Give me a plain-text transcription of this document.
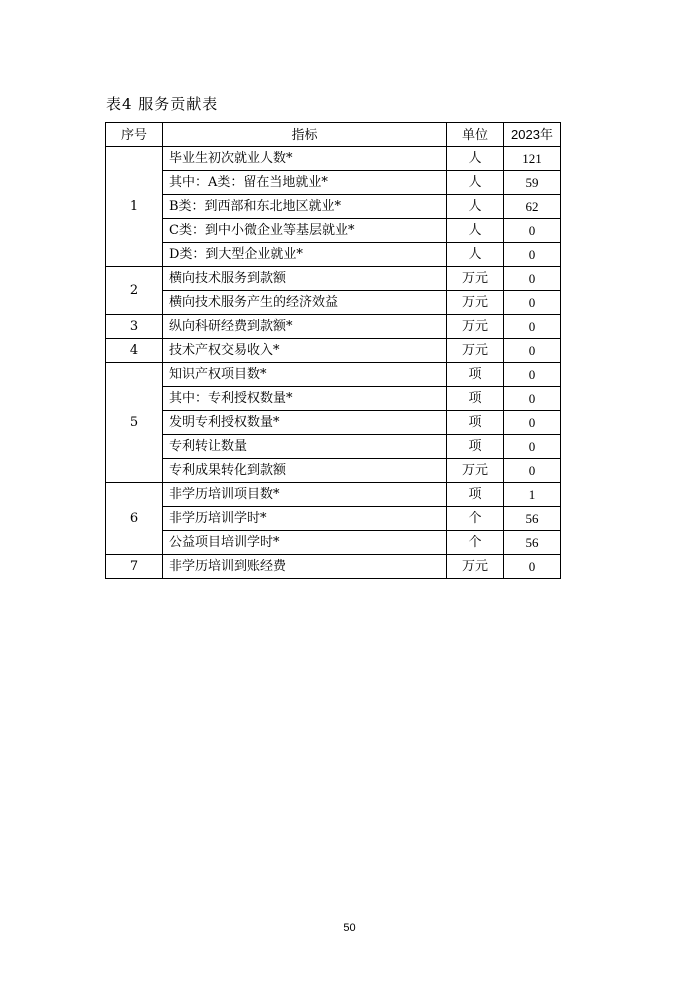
表4 服务贡献表
序号	指标	单位	2023年
1	毕业生初次就业人数*	人	121
	其中：A类：留在当地就业*	人	59
	B类：到西部和东北地区就业*	人	62
	C类：到中小微企业等基层就业*	人	0
	D类：到大型企业就业*	人	0
2	横向技术服务到款额	万元	0
	横向技术服务产生的经济效益	万元	0
3	纵向科研经费到款额*	万元	0
4	技术产权交易收入*	万元	0
5	知识产权项目数*	项	0
	其中：专利授权数量*	项	0
	发明专利授权数量*	项	0
	专利转让数量	项	0
	专利成果转化到款额	万元	0
6	非学历培训项目数*	项	1
	非学历培训学时*	个	56
	公益项目培训学时*	个	56
7	非学历培训到账经费	万元	0
50
